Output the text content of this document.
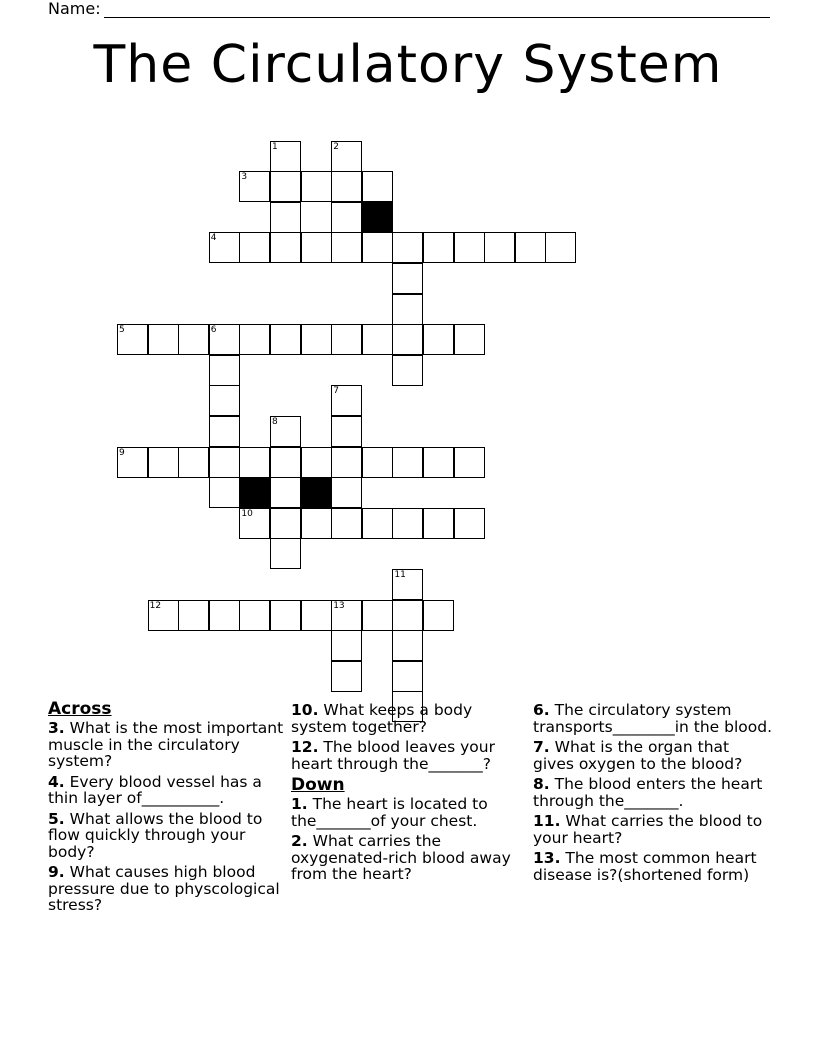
Name:
The Circulatory System
1	2
3
4
5	6
7
8
9
10
11
12	13
Across
3. What is the most important muscle in the circulatory system?
4. Every blood vessel has a thin layer of__________.
5. What allows the blood to flow quickly through your body?
9. What causes high blood pressure due to physcological stress?
10. What keeps a body system together?
12. The blood leaves your heart through the_______?
Down
1. The heart is located to the_______of your chest.
2. What carries the oxygenated-rich blood away from the heart?
6. The circulatory system transports________in the blood.
7. What is the organ that gives oxygen to the blood?
8. The blood enters the heart through the_______.
11. What carries the blood to your heart?
13. The most common heart disease is?(shortened form)
